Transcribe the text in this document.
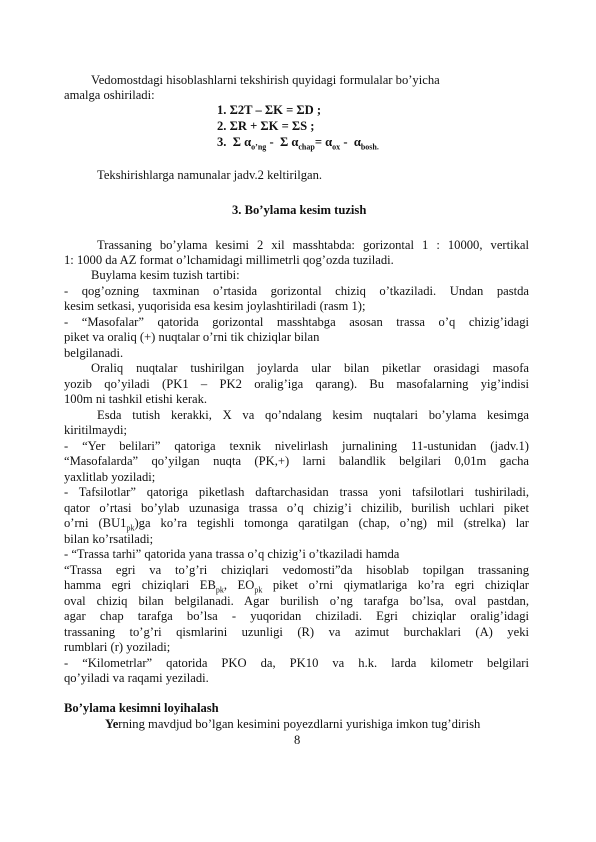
Vedomostdagi hisoblashlarni tekshirish quyidagi formulalar bo’yicha
amalga oshiriladi:
1. Σ2T – ΣK = ΣD ;
2. ΣR + ΣK = ΣS ;
3. Σ $\alpha_{o’ng}$ -  Σ $\alpha_{chap}= \alpha_{ox} - \alpha_{bosh.}$
Tekshirishlarga namunalar jadv.2 keltirilgan.
3. Bo’ylama kesim tuzish
Trassaning bo’ylama kesimi 2 xil masshtabda: gorizontal 1 : 10000, vertikal
1: 1000 da AZ format o’lchamidagi millimetrli qog’ozda tuziladi.
Buylama kesim tuzish tartibi:
- qog’ozning taxminan o’rtasida gorizontal chiziq o’tkaziladi. Undan pastda
kesim setkasi, yuqorisida esa kesim joylashtiriladi (rasm 1);
- “Masofalar” qatorida gorizontal masshtabga asosan trassa o’q chizig’idagi
piket va oraliq (+) nuqtalar o’rni tik chiziqlar bilan
belgilanadi.
Oraliq nuqtalar tushirilgan joylarda ular bilan piketlar orasidagi masofa
yozib qo’yiladi (PK1 – PK2 oralig’iga qarang). Bu masofalarning yig’indisi
100m ni tashkil etishi kerak.
Esda tutish kerakki, X va qo’ndalang kesim nuqtalari bo’ylama kesimga
kiritilmaydi;
- “Yer belilari” qatoriga texnik nivelirlash jurnalining 11-ustunidan (jadv.1)
“Masofalarda” qo’yilgan nuqta (PK,+) larni balandlik belgilari 0,01m gacha
yaxlitlab yoziladi;
- Tafsilotlar” qatoriga piketlash daftarchasidan trassa yoni tafsilotlari tushiriladi,
qator o’rtasi bo’ylab uzunasiga trassa o’q chizig’i chizilib, burilish uchlari piket
o’rni $(BU1_{pk})ga$ ko’ra tegishli tomonga qaratilgan (chap, o’ng) mil (strelka) lar
bilan ko’rsatiladi;
- “Trassa tarhi” qatorida yana trassa o’q chizig’i o’tkaziladi hamda
“Trassa egri va to’g’ri chiziqlari vedomosti”da hisoblab topilgan trassaning
hamma egri chiziqlari $EB_{pk}$, $EO_{pk}$ piket o’rni qiymatlariga ko’ra egri chiziqlar
oval chiziq bilan belgilanadi. Agar burilish o’ng tarafga bo’lsa, oval pastdan,
agar chap tarafga bo’lsa - yuqoridan chiziladi. Egri chiziqlar oralig’idagi
trassaning to’g’ri qismlarini uzunligi (R) va azimut burchaklari (A) yeki
rumblari (r) yoziladi;
- “Kilometrlar” qatorida PKO da, PK10 va h.k. larda kilometr belgilari
qo’yiladi va raqami yeziladi.
Bo’ylama kesimni loyihalash
Yerning mavdjud bo’lgan kesimini poyezdlarni yurishiga imkon tug’dirish
8
